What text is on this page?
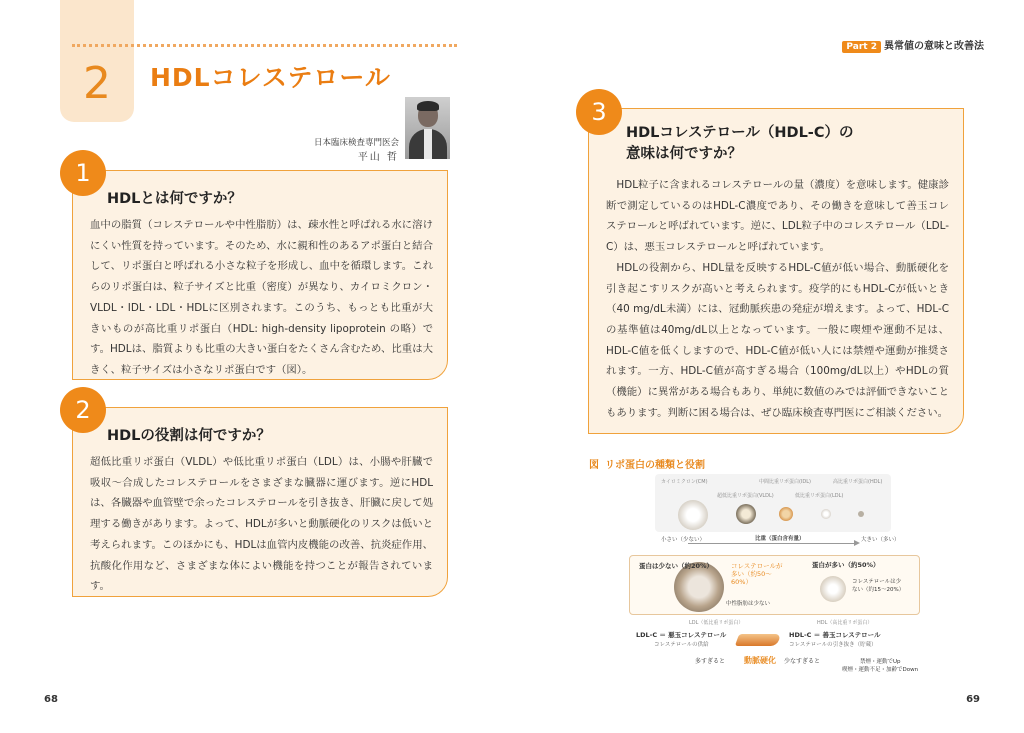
2	HDLコレステロール
日本臨床検査専門医会
平山 哲
HDLとは何ですか？
血中の脂質（コレステロールや中性脂肪）は、疎水性と呼ばれる水に溶けにくい性質を持っています。そのため、水に親和性のあるアポ蛋白と結合して、リポ蛋白と呼ばれる小さな粒子を形成し、血中を循環します。これらのリポ蛋白は、粒子サイズと比重（密度）が異なり、カイロミクロン・VLDL・IDL・LDL・HDLに区別されます。このうち、もっとも比重が大きいものが高比重リポ蛋白（HDL: high-density lipoprotein の略）です。HDLは、脂質よりも比重の大きい蛋白をたくさん含むため、比重は大きく、粒子サイズは小さなリポ蛋白です（図）。
1
HDLの役割は何ですか？
超低比重リポ蛋白（VLDL）や低比重リポ蛋白（LDL）は、小腸や肝臓で吸収～合成したコレステロールをさまざまな臓器に運びます。逆にHDLは、各臓器や血管壁で余ったコレステロールを引き抜き、肝臓に戻して処理する働きがあります。よって、HDLが多いと動脈硬化のリスクは低いと考えられます。このほかにも、HDLは血管内皮機能の改善、抗炎症作用、抗酸化作用など、さまざまな体によい機能を持つことが報告されています。
2
68
Part 2 異常値の意味と改善法
HDLコレステロール（HDL-C）の
意味は何ですか？
HDL粒子に含まれるコレステロールの量（濃度）を意味します。健康診断で測定しているのはHDL-C濃度であり、その働きを意味して善玉コレステロールと呼ばれています。逆に、LDL粒子中のコレステロール（LDL-C）は、悪玉コレステロールと呼ばれています。
HDLの役割から、HDL量を反映するHDL-C値が低い場合、動脈硬化を引き起こすリスクが高いと考えられます。疫学的にもHDL-Cが低いとき（40 mg/dL未満）には、冠動脈疾患の発症が増えます。よって、HDL-Cの基準値は40mg/dL以上となっています。一般に喫煙や運動不足は、HDL-C値を低くしますので、HDL-C値が低い人には禁煙や運動が推奨されます。一方、HDL-C値が高すぎる場合（100mg/dL以上）やHDLの質（機能）に異常がある場合もあり、単純に数値のみでは評価できないこともあります。判断に困る場合は、ぜひ臨床検査専門医にご相談ください。
3
図 リポ蛋白の種類と役割
カイロミクロン(CM)
超低比重リポ蛋白(VLDL)
中間比重リポ蛋白(IDL)
低比重リポ蛋白(LDL)
高比重リポ蛋白(HDL)
小さい（少ない）	比重（蛋白含有量）	大きい（多い）
蛋白は少ない（約20%）	コレステロールが多い（約50～60%）
中性脂肪は少ない
蛋白が多い（約50%）
コレステロールは少ない（約15～20%）
LDL（低比重リポ蛋白）	HDL（高比重リポ蛋白）
LDL-C ＝ 悪玉コレステロール
コレステロールの供給
HDL-C ＝ 善玉コレステロール
コレステロールの引き抜き（貯蔵）
多すぎると 動脈硬化 少なすぎると	禁煙・運動でUp
喫煙・運動不足・加齢でDown
69
